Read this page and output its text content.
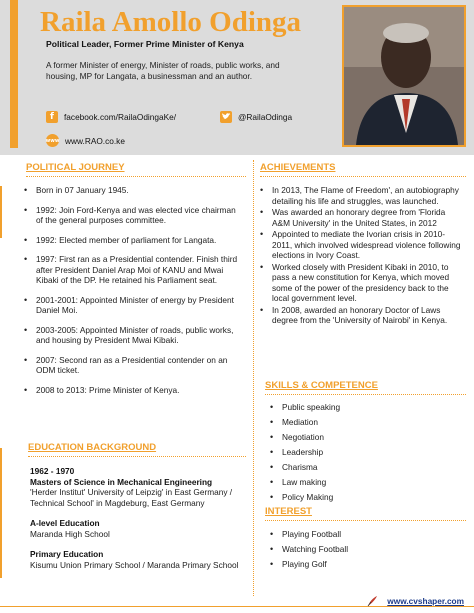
Raila Amollo Odinga
Political Leader, Former Prime Minister of Kenya
A former Minister of energy, Minister of roads, public works, and housing, MP for Langata, a businessman and an author.
f	facebook.com/RailaOdingaKe/	@RailaOdinga
www www.RAO.co.ke
POLITICAL JOURNEY
• Born in 07 January 1945.
• 1992: Join Ford-Kenya and was elected vice chairman of the general purposes committee.
• 1992: Elected member of parliament for Langata.
• 1997: First ran as a Presidential contender. Finish third after President Daniel Arap Moi of KANU and Mwai Kibaki of the DP. He retained his Parliament seat.
• 2001-2001: Appointed Minister of energy by President Daniel Moi.
• 2003-2005: Appointed Minister of roads, public works, and housing by President Mwai Kibaki.
• 2007: Second ran as a Presidential contender on an ODM ticket.
• 2008 to 2013: Prime Minister of Kenya.
EDUCATION BACKGROUND
1962 - 1970
Masters of Science in Mechanical Engineering
'Herder Institut' University of Leipzig' in East Germany / Technical School' in Magdeburg, East Germany
A-level Education
Maranda High School
Primary Education
Kisumu Union Primary School / Maranda Primary School
ACHIEVEMENTS
• In 2013, The Flame of Freedom', an autobiography detailing his life and struggles, was launched.
• Was awarded an honorary degree from 'Florida A&M University' in the United States, in 2012
• Appointed to mediate the Ivorian crisis in 2010-2011, which involved widespread violence following elections in Ivory Coast.
• Worked closely with President Kibaki in 2010, to pass a new constitution for Kenya, which moved some of the power of the presidency back to the local government level.
• In 2008, awarded an honorary Doctor of Laws degree from the 'University of Nairobi' in Kenya.
SKILLS & COMPETENCE
• Public speaking
• Mediation
• Negotiation
• Leadership
• Charisma
• Law making
• Policy Making
INTEREST
• Playing Football
• Watching Football
• Playing Golf
www.cvshaper.com
